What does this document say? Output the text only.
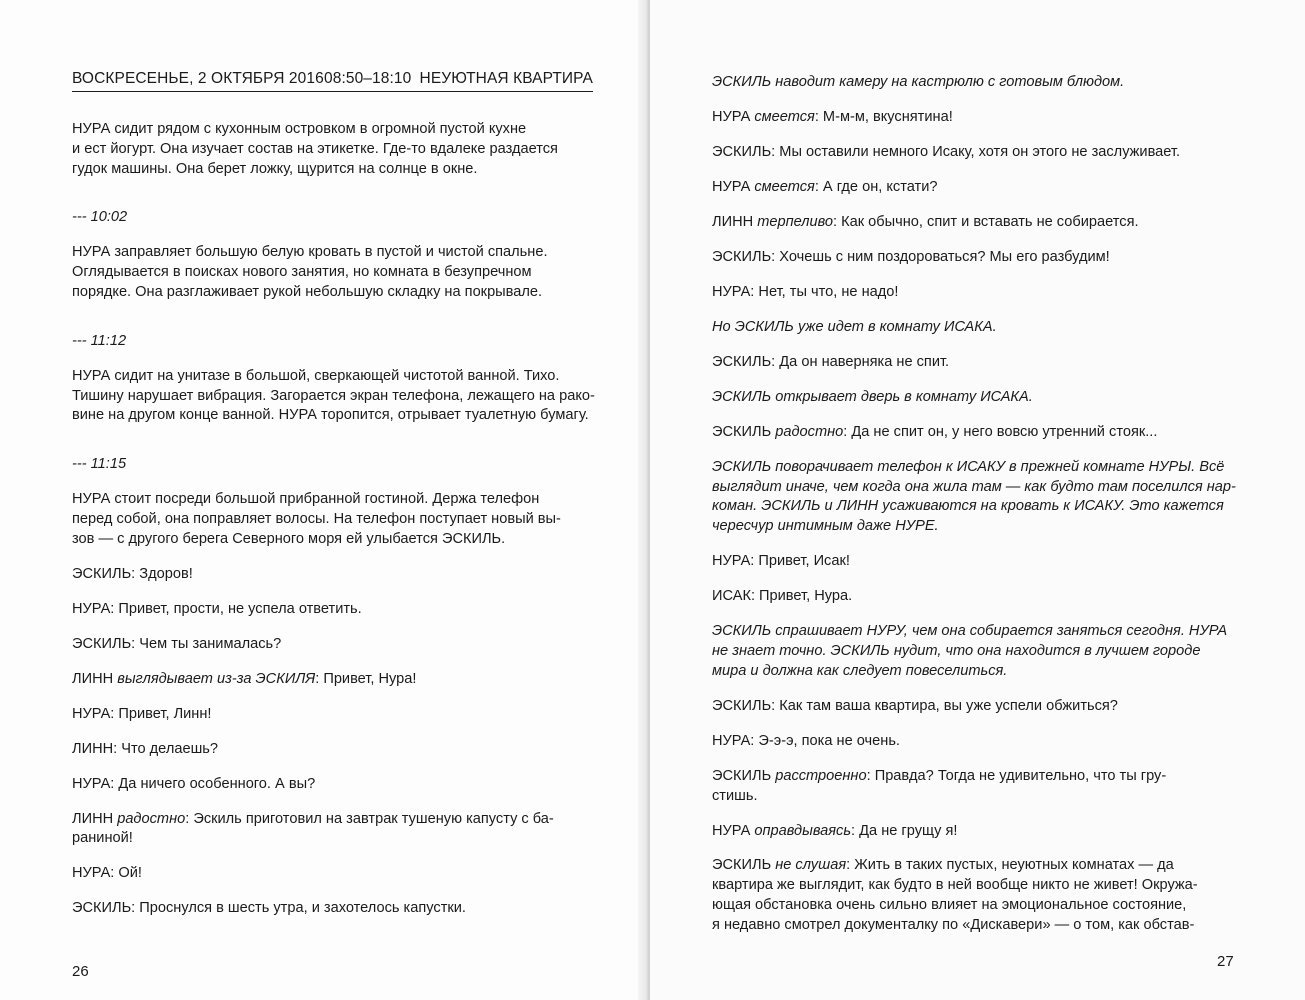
ВОСКРЕСЕНЬЕ, 2 ОКТЯБРЯ 2016 08:50–18:10 НЕУЮТНАЯ КВАРТИРА

НУРА сидит рядом с кухонным островком в огромной пустой кухне
и ест йогурт. Она изучает состав на этикетке. Где-то вдалеке раздается
гудок машины. Она берет ложку, щурится на солнце в окне.

--- 10:02

НУРА заправляет большую белую кровать в пустой и чистой спальне.
Оглядывается в поисках нового занятия, но комната в безупречном
порядке. Она разглаживает рукой небольшую складку на покрывале.

--- 11:12

НУРА сидит на унитазе в большой, сверкающей чистотой ванной. Тихо.
Тишину нарушает вибрация. Загорается экран телефона, лежащего на рако-
вине на другом конце ванной. НУРА торопится, отрывает туалетную бумагу.

--- 11:15

НУРА стоит посреди большой прибранной гостиной. Держа телефон
перед собой, она поправляет волосы. На телефон поступает новый вы-
зов — с другого берега Северного моря ей улыбается ЭСКИЛЬ.

ЭСКИЛЬ: Здоров!

НУРА: Привет, прости, не успела ответить.

ЭСКИЛЬ: Чем ты занималась?

ЛИНН выглядывает из-за ЭСКИЛЯ: Привет, Нура!

НУРА: Привет, Линн!

ЛИНН: Что делаешь?

НУРА: Да ничего особенного. А вы?

ЛИНН радостно: Эскиль приготовил на завтрак тушеную капусту с ба-
раниной!

НУРА: Ой!

ЭСКИЛЬ: Проснулся в шесть утра, и захотелось капустки.

26

ЭСКИЛЬ наводит камеру на кастрюлю с готовым блюдом.

НУРА смеется: М-м-м, вкуснятина!

ЭСКИЛЬ: Мы оставили немного Исаку, хотя он этого не заслуживает.

НУРА смеется: А где он, кстати?

ЛИНН терпеливо: Как обычно, спит и вставать не собирается.

ЭСКИЛЬ: Хочешь с ним поздороваться? Мы его разбудим!

НУРА: Нет, ты что, не надо!

Но ЭСКИЛЬ уже идет в комнату ИСАКА.

ЭСКИЛЬ: Да он наверняка не спит.

ЭСКИЛЬ открывает дверь в комнату ИСАКА.

ЭСКИЛЬ радостно: Да не спит он, у него вовсю утренний стояк...

ЭСКИЛЬ поворачивает телефон к ИСАКУ в прежней комнате НУРЫ. Всё
выглядит иначе, чем когда она жила там — как будто там поселился нар-
коман. ЭСКИЛЬ и ЛИНН усаживаются на кровать к ИСАКУ. Это кажется
чересчур интимным даже НУРЕ.

НУРА: Привет, Исак!

ИСАК: Привет, Нура.

ЭСКИЛЬ спрашивает НУРУ, чем она собирается заняться сегодня. НУРА
не знает точно. ЭСКИЛЬ нудит, что она находится в лучшем городе
мира и должна как следует повеселиться.

ЭСКИЛЬ: Как там ваша квартира, вы уже успели обжиться?

НУРА: Э-э-э, пока не очень.

ЭСКИЛЬ расстроенно: Правда? Тогда не удивительно, что ты гру-
стишь.

НУРА оправдываясь: Да не грущу я!

ЭСКИЛЬ не слушая: Жить в таких пустых, неуютных комнатах — да
квартира же выглядит, как будто в ней вообще никто не живет! Окружа-
ющая обстановка очень сильно влияет на эмоциональное состояние,
я недавно смотрел документалку по «Дискавери» — о том, как обстав-

27
